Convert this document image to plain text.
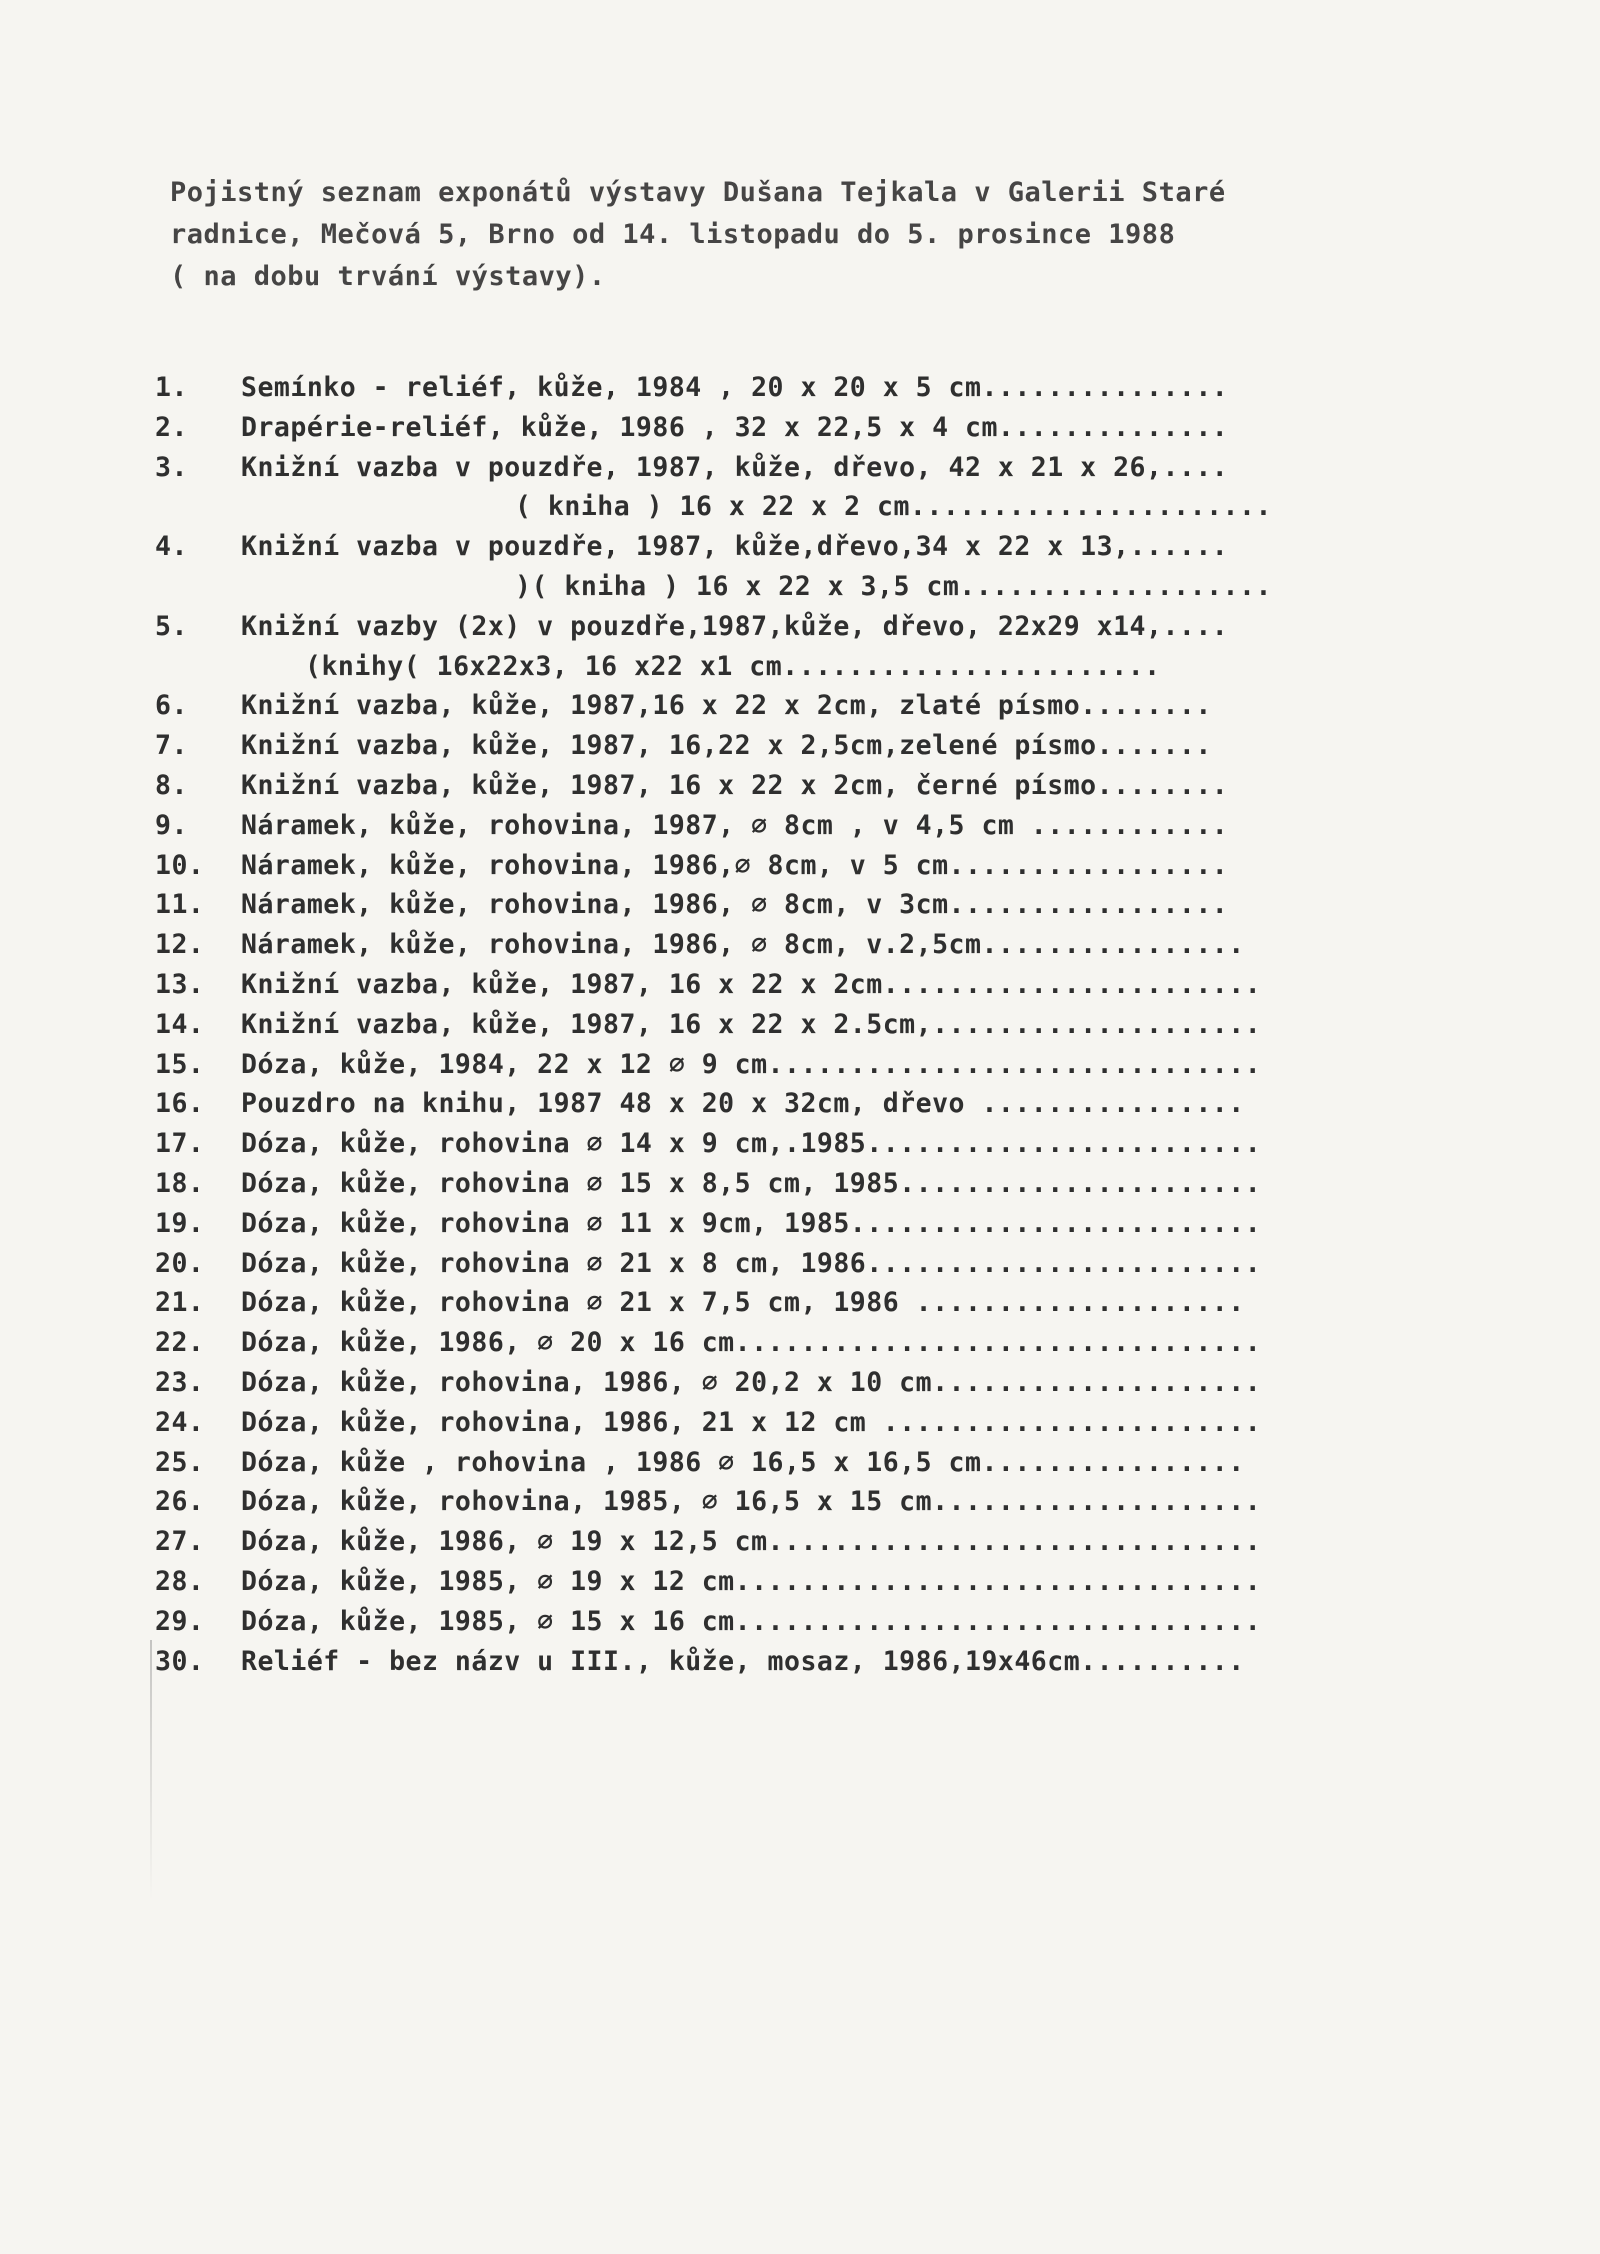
Pojistný seznam exponátů výstavy Dušana Tejkala v Galerii Staré
radnice, Mečová 5, Brno od 14. listopadu do 5. prosince 1988
( na dobu trvání výstavy).
1. Semínko - reliéf, kůže, 1984 , 20 x 20 x 5 cm...............
2. Drapérie-reliéf, kůže, 1986 , 32 x 22,5 x 4 cm..............
3. Knižní vazba v pouzdře, 1987, kůže, dřevo, 42 x 21 x 26,....
( kniha ) 16 x 22 x 2 cm......................
4. Knižní vazba v pouzdře, 1987, kůže,dřevo,34 x 22 x 13,......
)( kniha ) 16 x 22 x 3,5 cm...................
5. Knižní vazby (2x) v pouzdře,1987,kůže, dřevo, 22x29 x14,....
(knihy( 16x22x3, 16 x22 x1 cm.......................
6. Knižní vazba, kůže, 1987,16 x 22 x 2cm, zlaté písmo........
7. Knižní vazba, kůže, 1987, 16,22 x 2,5cm,zelené písmo.......
8. Knižní vazba, kůže, 1987, 16 x 22 x 2cm, černé písmo........
9. Náramek, kůže, rohovina, 1987, ∅ 8cm , v 4,5 cm ............
10. Náramek, kůže, rohovina, 1986,∅ 8cm, v 5 cm.................
11. Náramek, kůže, rohovina, 1986, ∅ 8cm, v 3cm.................
12. Náramek, kůže, rohovina, 1986, ∅ 8cm, v.2,5cm................
13. Knižní vazba, kůže, 1987, 16 x 22 x 2cm.......................
14. Knižní vazba, kůže, 1987, 16 x 22 x 2.5cm,....................
15. Dóza, kůže, 1984, 22 x 12 ∅ 9 cm..............................
16. Pouzdro na knihu, 1987 48 x 20 x 32cm, dřevo ................
17. Dóza, kůže, rohovina ∅ 14 x 9 cm,.1985........................
18. Dóza, kůže, rohovina ∅ 15 x 8,5 cm, 1985......................
19. Dóza, kůže, rohovina ∅ 11 x 9cm, 1985.........................
20. Dóza, kůže, rohovina ∅ 21 x 8 cm, 1986........................
21. Dóza, kůže, rohovina ∅ 21 x 7,5 cm, 1986 ....................
22. Dóza, kůže, 1986, ∅ 20 x 16 cm................................
23. Dóza, kůže, rohovina, 1986, ∅ 20,2 x 10 cm....................
24. Dóza, kůže, rohovina, 1986, 21 x 12 cm .......................
25. Dóza, kůže , rohovina , 1986 ∅ 16,5 x 16,5 cm................
26. Dóza, kůže, rohovina, 1985, ∅ 16,5 x 15 cm....................
27. Dóza, kůže, 1986, ∅ 19 x 12,5 cm..............................
28. Dóza, kůže, 1985, ∅ 19 x 12 cm................................
29. Dóza, kůže, 1985, ∅ 15 x 16 cm................................
30. Reliéf - bez názv u III., kůže, mosaz, 1986,19x46cm..........
